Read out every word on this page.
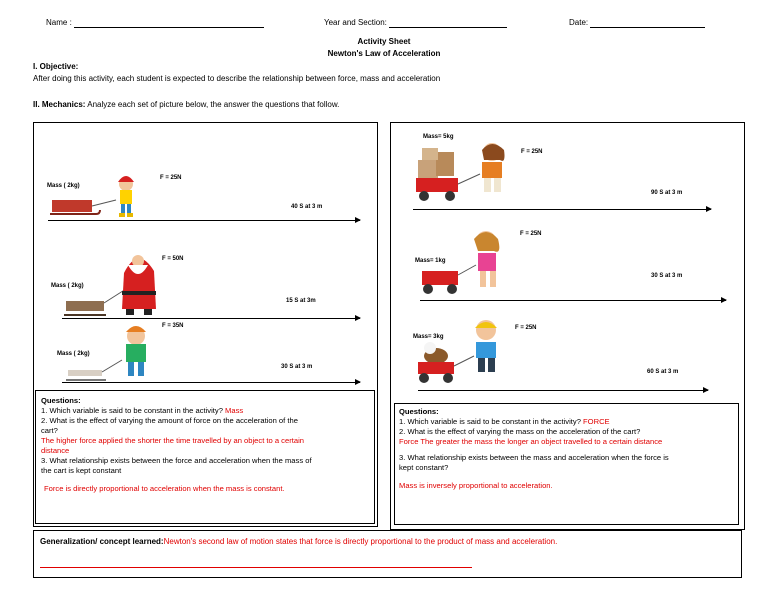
Name :	Year and Section:	Date:
Activity Sheet
Newton's Law of Acceleration
I. Objective:
After doing this activity, each student is expected to describe the relationship between force, mass and acceleration
II. Mechanics: Analyze each set of picture below, the answer the questions that follow.
Mass ( 2kg)
F = 25N
40 S at 3 m
Mass ( 2kg)
F = 50N
15 S at 3m
Mass ( 2kg)
F = 35N
30 S at 3 m
Questions:
1. Which variable is said to be constant in the activity? Mass
2. What is the effect of varying the amount of force on the acceleration of the
cart?
The higher force applied the shorter the time travelled by an object to a certain
distance
3. What relationship exists between the force and acceleration when the mass of
the cart is kept constant
Force is directly proportional to acceleration when the mass is constant.
Mass= 5kg
F = 25N
90 S at 3 m
Mass= 1kg
F = 25N
30 S at 3 m
Mass= 3kg
F = 25N
60 S at 3 m
Questions:
1. Which variable is said to be constant in the activity? FORCE
2. What is the effect of varying the mass on the acceleration of the cart?
Force The greater the mass the longer an object travelled to a certain distance
3. What relationship exists between the mass and acceleration when the force is
kept constant?
Mass is inversely proportional to acceleration.
Generalization/ concept learned:Newton's second law of motion states that force is directly proportional to the product of mass and acceleration.
